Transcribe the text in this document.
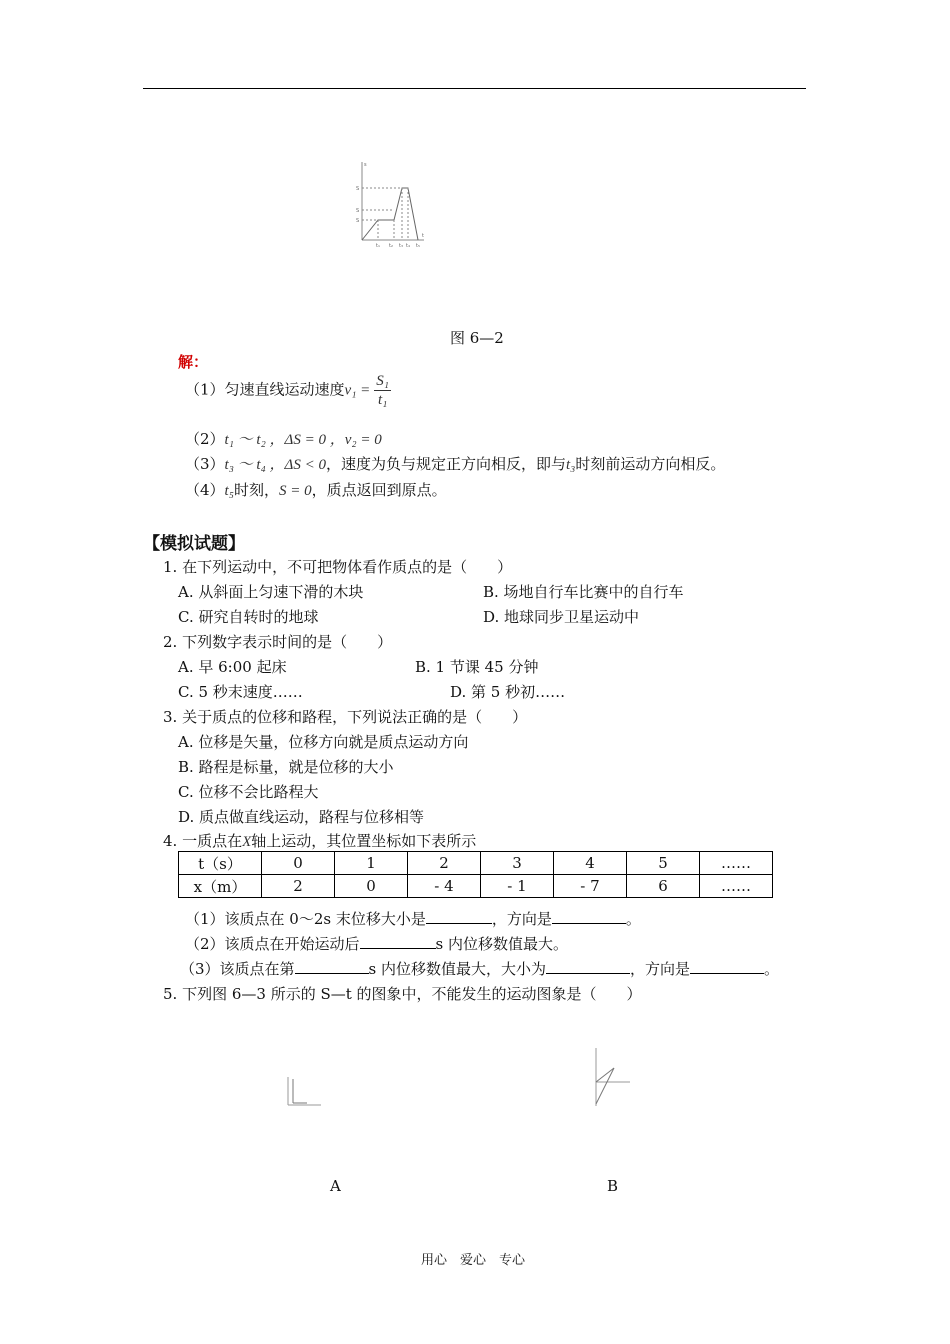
s
t
S
S
S
t₁ t₂ t₃ t₄ t₅
图 6—2
解：
（1）匀速直线运动速度$v_1 = \frac{\text{S₁}}{\text{t₁}}$
（2）t₁ ～ t₂ ，ΔS = 0 ，v₂ = 0
（3）t₃ ～ t₄ ，ΔS < 0，速度为负与规定正方向相反，即与t₃时刻前运动方向相反。
（4）t₅时刻，S = 0，质点返回到原点。
【模拟试题】
1. 在下列运动中，不可把物体看作质点的是（　　）
A. 从斜面上匀速下滑的木块	B. 场地自行车比赛中的自行车
C. 研究自转时的地球	D. 地球同步卫星运动中
2. 下列数字表示时间的是（　　）
A. 早 6:00 起床	B. 1 节课 45 分钟
C. 5 秒末速度……	D. 第 5 秒初……
3. 关于质点的位移和路程，下列说法正确的是（　　）
A. 位移是矢量，位移方向就是质点运动方向
B. 路程是标量，就是位移的大小
C. 位移不会比路程大
D. 质点做直线运动，路程与位移相等
4. 一质点在X轴上运动，其位置坐标如下表所示
t（s）	0	1	2	3	4	5	……
x（m）	2	0	- 4	- 1	- 7	6	……
（1）该质点在 0～2s 末位移大小是	，方向是	。
（2）该质点在开始运动后	s 内位移数值最大。
（3）该质点在第	s 内位移数值最大，大小为	，方向是	。
5. 下列图 6—3 所示的 S—t 的图象中，不能发生的运动图象是（　　）
A	B
用心　爱心　专心
